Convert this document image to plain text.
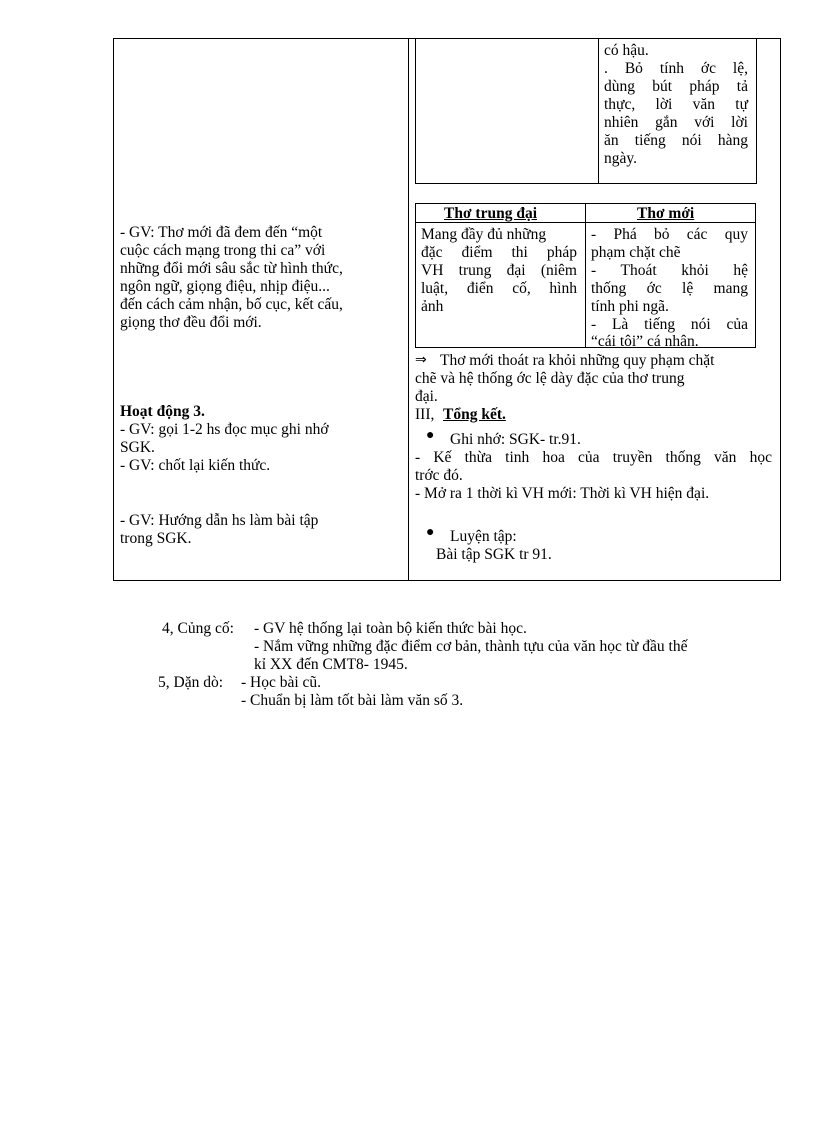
có hậu.
. Bỏ tính ớc lệ,
dùng bút pháp tả
thực, lời văn tự
nhiên gắn với lời
ăn tiếng nói hàng
ngày.
Thơ trung đại	Thơ mới
Mang đầy đủ những
đặc điểm thi pháp
VH trung đại (niêm
luật, điển cố, hình
ảnh
- Phá bỏ các quy
phạm chặt chẽ
- Thoát khỏi hệ
thống ớc lệ mang
tính phi ngã.
- Là tiếng nói của
“cái tôi” cá nhân.
⇒ Thơ mới thoát ra khỏi những quy phạm chặt
chẽ và hệ thống ớc lệ dày đặc của thơ trung
đại.
III, Tổng kết.
● Ghi nhớ: SGK- tr.91.
- Kế thừa tinh hoa của truyền thống văn học
trớc đó.
- Mở ra 1 thời kì VH mới: Thời kì VH hiện đại.
● Luyện tập:
Bài tập SGK tr 91.
- GV: Thơ mới đã đem đến “một
cuộc cách mạng trong thi ca” với
những đổi mới sâu sắc từ hình thức,
ngôn ngữ, giọng điệu, nhịp điệu...
đến cách cảm nhận, bố cục, kết cấu,
giọng thơ đều đổi mới.
Hoạt động 3.
- GV: gọi 1-2 hs đọc mục ghi nhớ
SGK.
- GV: chốt lại kiến thức.
- GV: Hướng dẫn hs làm bài tập
trong SGK.
4, Củng cố: - GV hệ thống lại toàn bộ kiến thức bài học.
- Nắm vững những đặc điểm cơ bản, thành tựu của văn học từ đầu thế
kỉ XX đến CMT8- 1945.
5, Dặn dò: - Học bài cũ.
- Chuẩn bị làm tốt bài làm văn số 3.
